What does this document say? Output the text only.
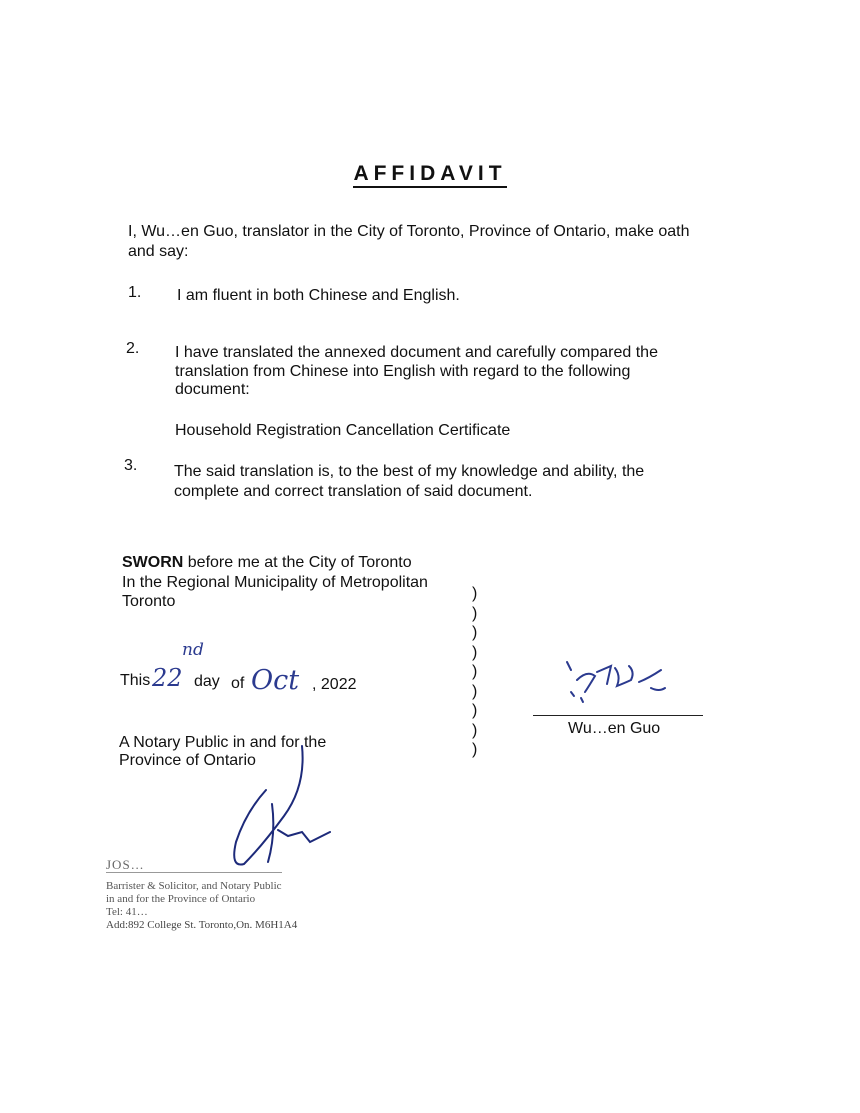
AFFIDAVIT
I, Wu…en Guo, translator in the City of Toronto, Province of Ontario, make oath
and say:
1. I am fluent in both Chinese and English.
2. I have translated the annexed document and carefully compared the
translation from Chinese into English with regard to the following
document:
Household Registration Cancellation Certificate
3. The said translation is, to the best of my knowledge and ability, the
complete and correct translation of said document.
SWORN before me at the City of Toronto
In the Regional Municipality of Metropolitan
Toronto	)
)
)
)
)
)
)
)
)
This 22
nd
day of Oct , 2022
A Notary Public in and for the
Province of Ontario
Wu…en Guo
JOS…
Barrister & Solicitor, and Notary Public
in and for the Province of Ontario
Tel: 41…
Add:892 College St. Toronto,On. M6H1A4
